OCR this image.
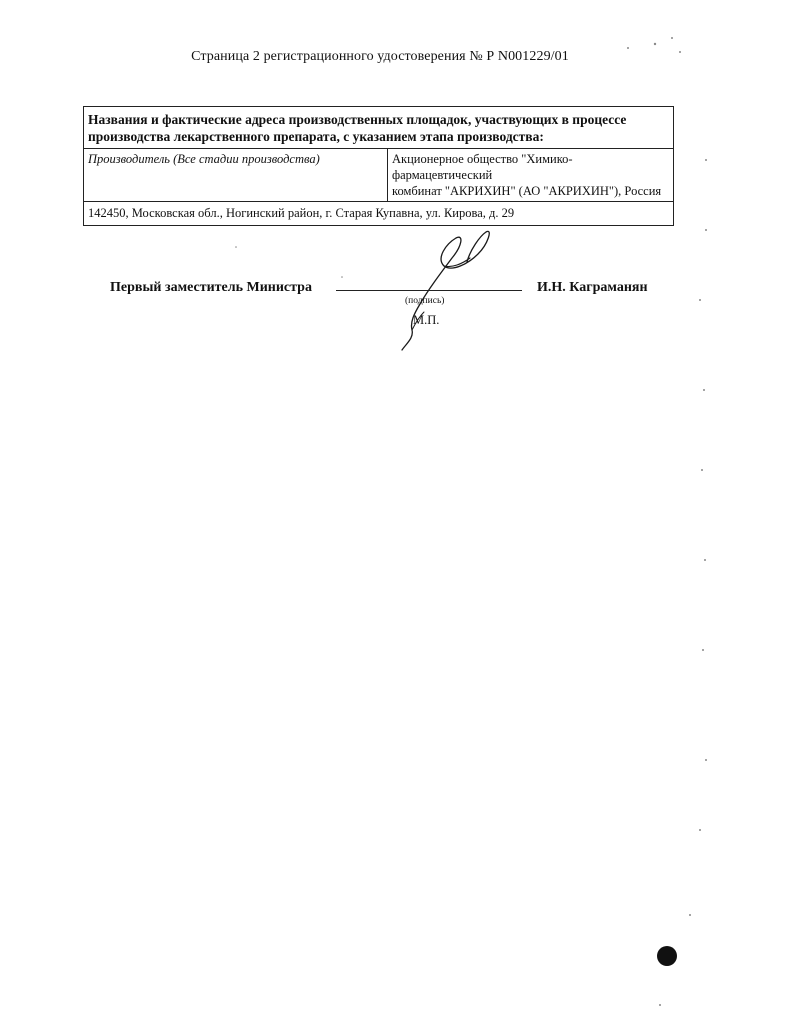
Страница 2 регистрационного удостоверения № Р N001229/01
Названия и фактические адреса производственных площадок, участвующих в процессе производства лекарственного препарата, с указанием этапа производства:
Производитель (Все стадии производства)	Акционерное общество "Химико-фармацевтический
комбинат "АКРИХИН" (АО "АКРИХИН"), Россия

142450, Московская обл., Ногинский район, г. Старая Купавна, ул. Кирова, д. 29
Первый заместитель Министра
(подпись)
М.П.
И.Н. Каграманян
